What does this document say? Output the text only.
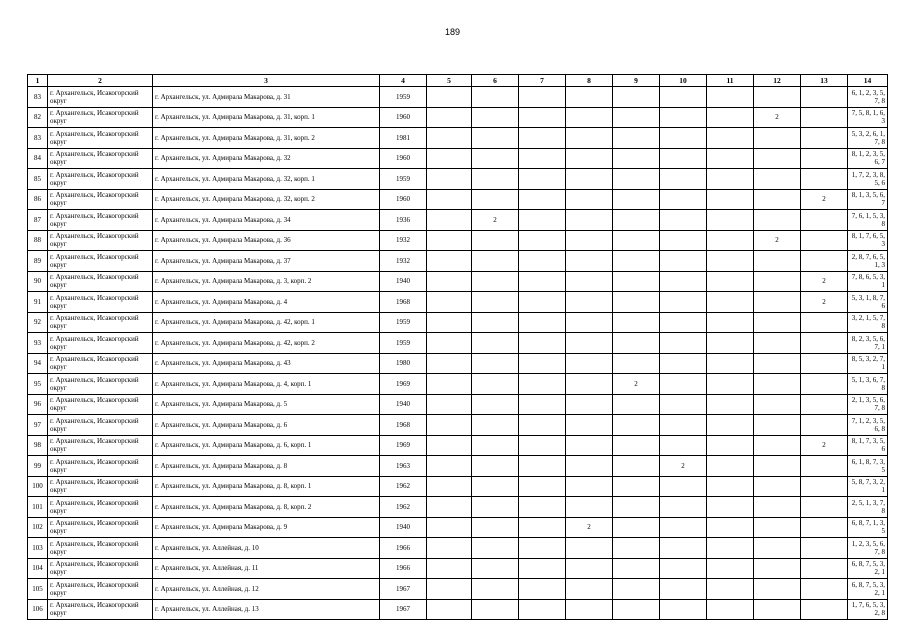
189
1	2	3	4	5	6	7	8	9	10	11	12	13	14
83	г. Архангельск, Исакогорский округ	г. Архангельск, ул. Адмирала Макарова, д. 31	1959										6, 1, 2, 3, 5, 7, 8
82	г. Архангельск, Исакогорский округ	г. Архангельск, ул. Адмирала Макарова, д. 31, корп. 1	1960								2		7, 5, 8, 1, 6, 3
83	г. Архангельск, Исакогорский округ	г. Архангельск, ул. Адмирала Макарова, д. 31, корп. 2	1981										5, 3, 2, 6, 1, 7, 8
84	г. Архангельск, Исакогорский округ	г. Архангельск, ул. Адмирала Макарова, д. 32	1960										8, 1, 2, 3, 5, 6, 7
85	г. Архангельск, Исакогорский округ	г. Архангельск, ул. Адмирала Макарова, д. 32, корп. 1	1959										1, 7, 2, 3, 8, 5, 6
86	г. Архангельск, Исакогорский округ	г. Архангельск, ул. Адмирала Макарова, д. 32, корп. 2	1960									2	8, 1, 3, 5, 6, 7
87	г. Архангельск, Исакогорский округ	г. Архангельск, ул. Адмирала Макарова, д. 34	1936		2								7, 6, 1, 5, 3, 8
88	г. Архангельск, Исакогорский округ	г. Архангельск, ул. Адмирала Макарова, д. 36	1932								2		8, 1, 7, 6, 5, 3
89	г. Архангельск, Исакогорский округ	г. Архангельск, ул. Адмирала Макарова, д. 37	1932										2, 8, 7, 6, 5, 1, 3
90	г. Архангельск, Исакогорский округ	г. Архангельск, ул. Адмирала Макарова, д. 3, корп. 2	1940									2	7, 8, 6, 5, 3, 1
91	г. Архангельск, Исакогорский округ	г. Архангельск, ул. Адмирала Макарова, д. 4	1968									2	5, 3, 1, 8, 7, 6
92	г. Архангельск, Исакогорский округ	г. Архангельск, ул. Адмирала Макарова, д. 42, корп. 1	1959										3, 2, 1, 5, 7, 8
93	г. Архангельск, Исакогорский округ	г. Архангельск, ул. Адмирала Макарова, д. 42, корп. 2	1959										8, 2, 3, 5, 6, 7, 1
94	г. Архангельск, Исакогорский округ	г. Архангельск, ул. Адмирала Макарова, д. 43	1980										8, 5, 3, 2, 7, 1
95	г. Архангельск, Исакогорский округ	г. Архангельск, ул. Адмирала Макарова, д. 4, корп. 1	1969					2					5, 1, 3, 6, 7, 8
96	г. Архангельск, Исакогорский округ	г. Архангельск, ул. Адмирала Макарова, д. 5	1940										2, 1, 3, 5, 6, 7, 8
97	г. Архангельск, Исакогорский округ	г. Архангельск, ул. Адмирала Макарова, д. 6	1968										7, 1, 2, 3, 5, 6, 8
98	г. Архангельск, Исакогорский округ	г. Архангельск, ул. Адмирала Макарова, д. 6, корп. 1	1969									2	8, 1, 7, 3, 5, 6
99	г. Архангельск, Исакогорский округ	г. Архангельск, ул. Адмирала Макарова, д. 8	1963						2				6, 1, 8, 7, 3, 5
100	г. Архангельск, Исакогорский округ	г. Архангельск, ул. Адмирала Макарова, д. 8, корп. 1	1962										5, 8, 7, 3, 2, 1
101	г. Архангельск, Исакогорский округ	г. Архангельск, ул. Адмирала Макарова, д. 8, корп. 2	1962										2, 5, 1, 3, 7, 8
102	г. Архангельск, Исакогорский округ	г. Архангельск, ул. Адмирала Макарова, д. 9	1940				2						6, 8, 7, 1, 3, 5
103	г. Архангельск, Исакогорский округ	г. Архангельск, ул. Аллейная, д. 10	1966										1, 2, 3, 5, 6, 7, 8
104	г. Архангельск, Исакогорский округ	г. Архангельск, ул. Аллейная, д. 11	1966										6, 8, 7, 5, 3, 2, 1
105	г. Архангельск, Исакогорский округ	г. Архангельск, ул. Аллейная, д. 12	1967										6, 8, 7, 5, 3, 2, 1
106	г. Архангельск, Исакогорский округ	г. Архангельск, ул. Аллейная, д. 13	1967										1, 7, 6, 5, 3, 2, 8
